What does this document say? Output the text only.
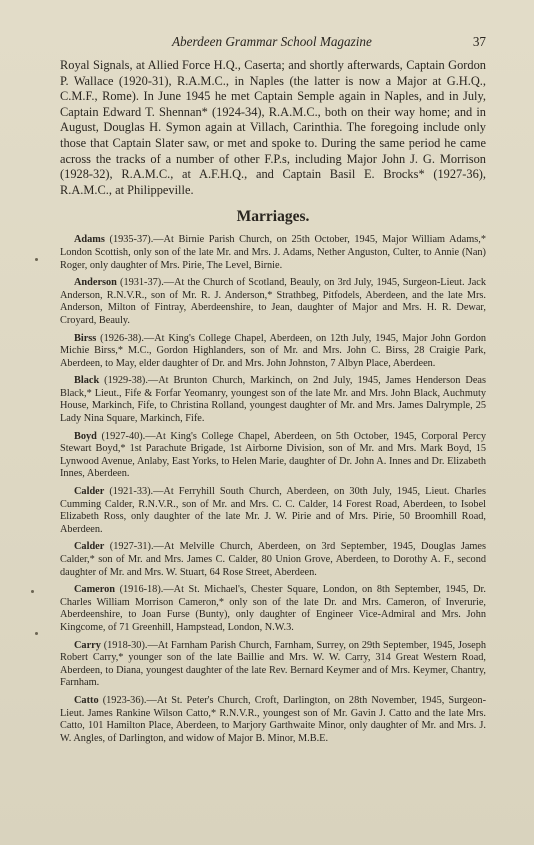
Aberdeen Grammar School Magazine	37

Royal Signals, at Allied Force H.Q., Caserta; and shortly afterwards, Captain Gordon P. Wallace (1920-31), R.A.M.C., in Naples (the latter is now a Major at G.H.Q., C.M.F., Rome). In June 1945 he met Captain Semple again in Naples, and in July, Captain Edward T. Shennan* (1924-34), R.A.M.C., both on their way home; and in August, Douglas H. Symon again at Villach, Carinthia. The foregoing include only those that Captain Slater saw, or met and spoke to. During the same period he came across the tracks of a number of other F.P.s, including Major John J. G. Morrison (1928-32), R.A.M.C., at A.F.H.Q., and Captain Basil E. Brocks* (1927-36), R.A.M.C., at Philippeville.

Marriages.

Adams (1935-37).—At Birnie Parish Church, on 25th October, 1945, Major William Adams,* London Scottish, only son of the late Mr. and Mrs. J. Adams, Nether Anguston, Culter, to Annie (Nan) Roger, only daughter of Mrs. Pirie, The Level, Birnie.

Anderson (1931-37).—At the Church of Scotland, Beauly, on 3rd July, 1945, Surgeon-Lieut. Jack Anderson, R.N.V.R., son of Mr. R. J. Anderson,* Strathbeg, Pitfodels, Aberdeen, and the late Mrs. Anderson, Milton of Fintray, Aberdeenshire, to Jean, daughter of Major and Mrs. H. R. Dewar, Croyard, Beauly.

Birss (1926-38).—At King's College Chapel, Aberdeen, on 12th July, 1945, Major John Gordon Michie Birss,* M.C., Gordon Highlanders, son of Mr. and Mrs. John C. Birss, 28 Craigie Park, Aberdeen, to May, elder daughter of Dr. and Mrs. John Johnston, 7 Albyn Place, Aberdeen.

Black (1929-38).—At Brunton Church, Markinch, on 2nd July, 1945, James Henderson Deas Black,* Lieut., Fife & Forfar Yeomanry, youngest son of the late Mr. and Mrs. John Black, Auchmuty House, Markinch, Fife, to Christina Rolland, youngest daughter of Mr. and Mrs. James Dalrymple, 25 Lady Nina Square, Markinch, Fife.

Boyd (1927-40).—At King's College Chapel, Aberdeen, on 5th October, 1945, Corporal Percy Stewart Boyd,* 1st Parachute Brigade, 1st Airborne Division, son of Mr. and Mrs. Mark Boyd, 15 Lynwood Avenue, Anlaby, East Yorks, to Helen Marie, daughter of Dr. John A. Innes and Dr. Elizabeth Innes, Aberdeen.

Calder (1921-33).—At Ferryhill South Church, Aberdeen, on 30th July, 1945, Lieut. Charles Cumming Calder, R.N.V.R., son of Mr. and Mrs. C. C. Calder, 14 Forest Road, Aberdeen, to Isobel Elizabeth Ross, only daughter of the late Mr. J. W. Pirie and of Mrs. Pirie, 50 Broomhill Road, Aberdeen.

Calder (1927-31).—At Melville Church, Aberdeen, on 3rd September, 1945, Douglas James Calder,* son of Mr. and Mrs. James C. Calder, 80 Union Grove, Aberdeen, to Dorothy A. F., second daughter of Mr. and Mrs. W. Stuart, 64 Rose Street, Aberdeen.

Cameron (1916-18).—At St. Michael's, Chester Square, London, on 8th September, 1945, Dr. Charles William Morrison Cameron,* only son of the late Dr. and Mrs. Cameron, of Inverurie, Aberdeenshire, to Joan Furse (Bunty), only daughter of Engineer Vice-Admiral and Mrs. John Kingcome, of 71 Greenhill, Hampstead, London, N.W.3.

Carry (1918-30).—At Farnham Parish Church, Farnham, Surrey, on 29th September, 1945, Joseph Robert Carry,* younger son of the late Baillie and Mrs. W. W. Carry, 314 Great Western Road, Aberdeen, to Diana, youngest daughter of the late Rev. Bernard Keymer and of Mrs. Keymer, Chantry, Farnham.

Catto (1923-36).—At St. Peter's Church, Croft, Darlington, on 28th November, 1945, Surgeon-Lieut. James Rankine Wilson Catto,* R.N.V.R., youngest son of Mr. Gavin J. Catto and the late Mrs. Catto, 101 Hamilton Place, Aberdeen, to Marjory Garthwaite Minor, only daughter of Mr. and Mrs. J. W. Angles, of Darlington, and widow of Major B. Minor, M.B.E.
